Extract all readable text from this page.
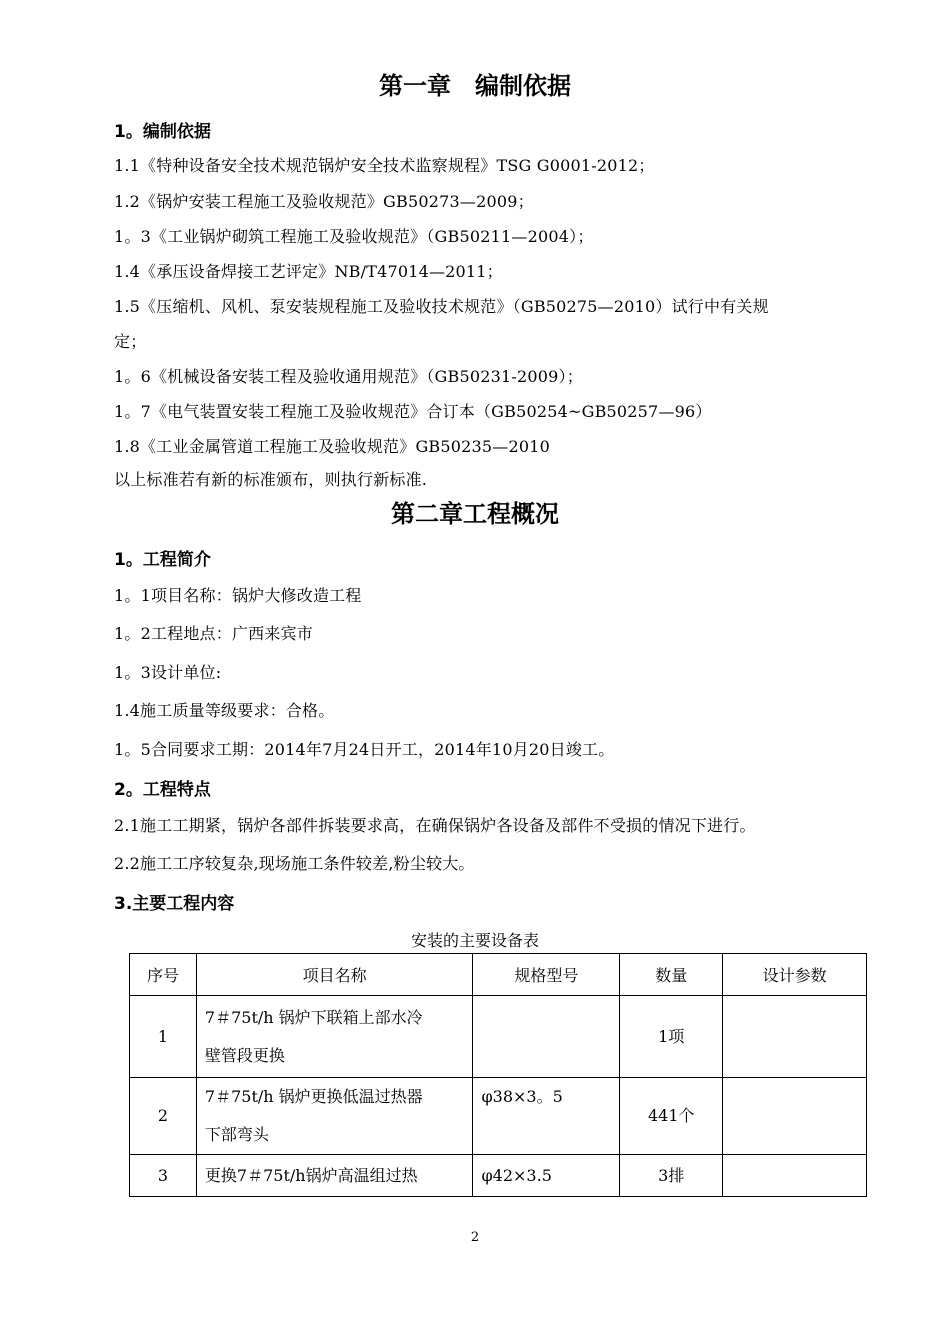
第一章　编制依据
1。编制依据
1.1《特种设备安全技术规范锅炉安全技术监察规程》TSG G0001-2012；
1.2《锅炉安装工程施工及验收规范》GB50273—2009；
1。3《工业锅炉砌筑工程施工及验收规范》（GB50211—2004）；
1.4《承压设备焊接工艺评定》NB/T47014—2011；
1.5《压缩机、风机、泵安装规程施工及验收技术规范》（GB50275—2010）试行中有关规
定；
1。6《机械设备安装工程及验收通用规范》（GB50231-2009）；
1。7《电气装置安装工程施工及验收规范》合订本（GB50254~GB50257—96）
1.8《工业金属管道工程施工及验收规范》GB50235—2010
以上标准若有新的标准颁布，则执行新标准.
第二章工程概况
1。工程简介
1。1项目名称：锅炉大修改造工程
1。2工程地点：广西来宾市
1。3设计单位:
1.4施工质量等级要求：合格。
1。5合同要求工期：2014年7月24日开工，2014年10月20日竣工。
2。工程特点
2.1施工工期紧，锅炉各部件拆装要求高，在确保锅炉各设备及部件不受损的情况下进行。
2.2施工工序较复杂,现场施工条件较差,粉尘较大。
3.主要工程内容
安装的主要设备表
序号	项目名称	规格型号	数量	设计参数
1	7＃75t/h 锅炉下联箱上部水冷
壁管段更换		1项	
2	7＃75t/h 锅炉更换低温过热器
下部弯头	φ38×3。5	441个	
3	更换7＃75t/h锅炉高温组过热	φ42×3.5	3排	
2
